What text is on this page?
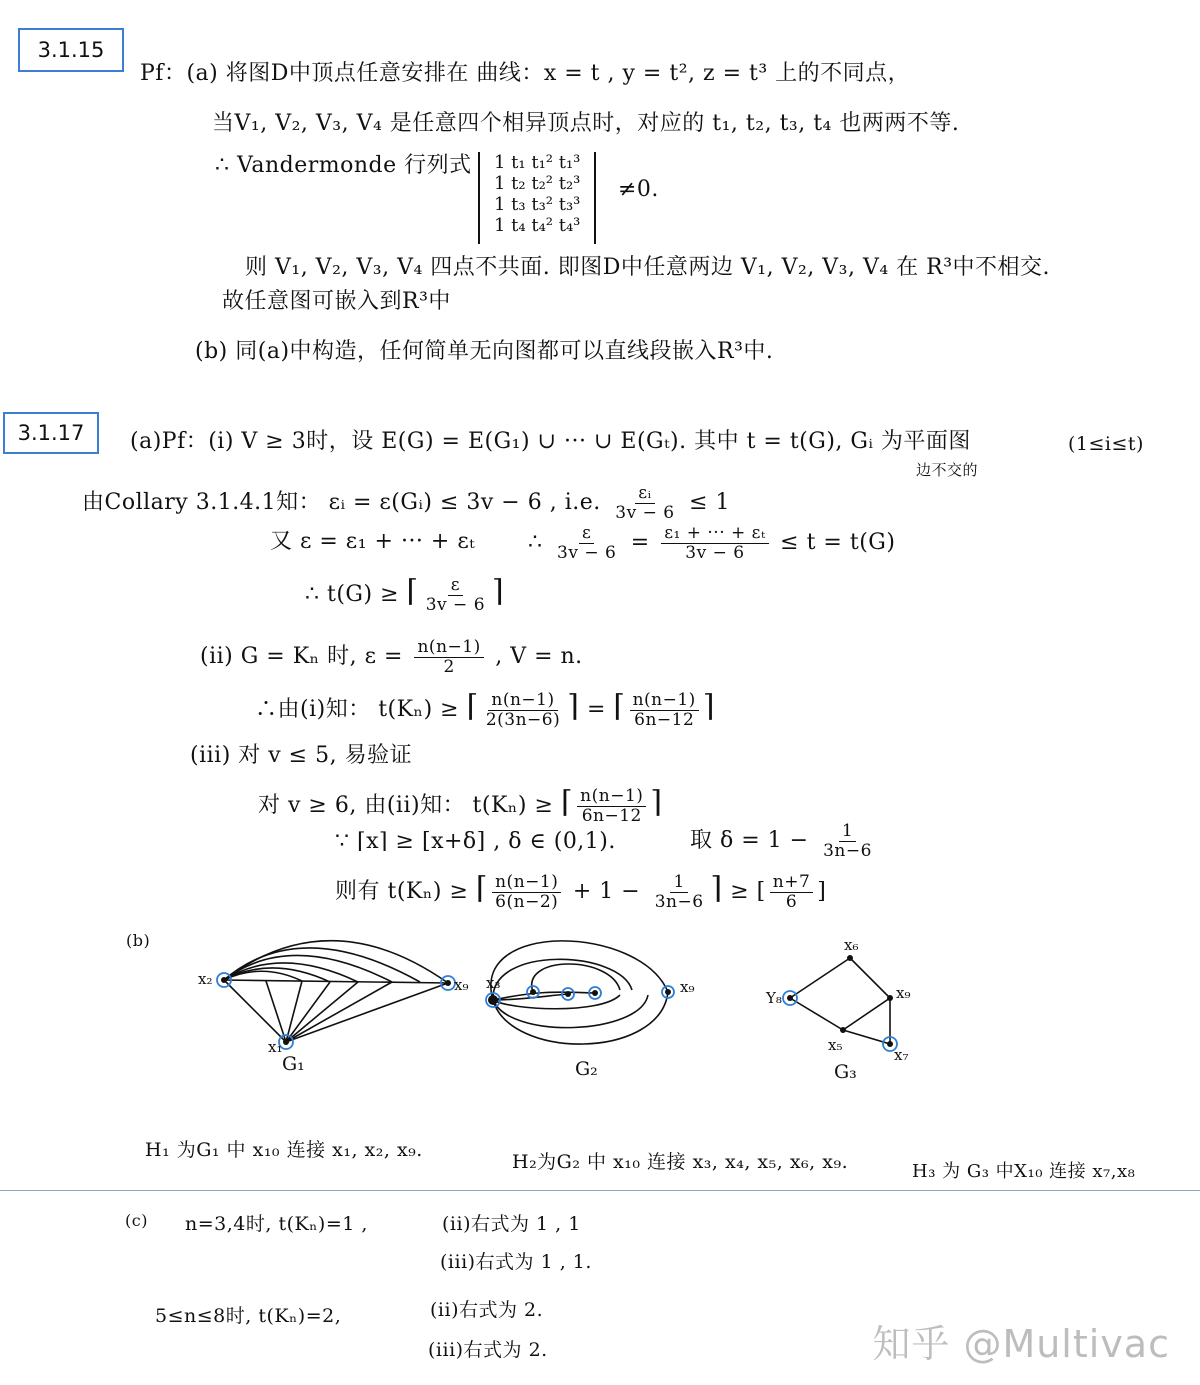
3.1.15
Pf：(a) 将图D中顶点任意安排在 曲线：x = t , y = t², z = t³ 上的不同点，
当V₁, V₂, V₃, V₄ 是任意四个相异顶点时，对应的 t₁, t₂, t₃, t₄ 也两两不等.
∴ Vandermonde 行列式 1 t₁ t₁² t₁³
1 t₂ t₂² t₂³
1 t₃ t₃² t₃³
1 t₄ t₄² t₄³
≠0.
则 V₁, V₂, V₃, V₄ 四点不共面. 即图D中任意两边 V₁, V₂, V₃, V₄ 在 R³中不相交.
故任意图可嵌入到R³中
(b) 同(a)中构造，任何简单无向图都可以直线段嵌入R³中.
3.1.17	(a)Pf：(i) V ≥ 3时，设 E(G) = E(G₁) ∪ ··· ∪ E(Gₜ). 其中 t = t(G), Gᵢ 为平面图	(1≤i≤t)
边不交的
由Collary 3.1.4.1知： εᵢ = ε(Gᵢ) ≤ 3v − 6 , i.e. $\frac{\text{εᵢ}}{3v - 6} \le 1$
又 ε = ε₁ + ··· + εₜ ∴ $\frac{\varepsilon}{3v - 6} = \frac{\text{ε₁ + ··· + εₜ}}{3v - 6} \le t = t(G)$
∴ t(G) ≥ ⌈ $\frac{\varepsilon}{3v - 6}$
⌉
(ii) G = Kₙ 时, $\varepsilon = \frac{n(n-1)}{2}$ , V = n.
∴由(i)知： t(Kₙ) ≥ ⌈ $\frac{n(n-1)}{2(3n-6)}$ ⌉ = ⌈ $\frac{n(n-1)}{6n-12}$
⌉
(iii) 对 v ≤ 5, 易验证
对 v ≥ 6, 由(ii)知： t(Kₙ) ≥ ⌈ $\frac{n(n-1)}{6n-12}$
⌉
∵ ⌈x⌉ ≥ [x+δ] , δ ∈ (0,1).	取 $\delta = 1 - \frac{1}{3n-6}$
则有 t(Kₙ) ≥ ⌈ $\frac{n(n-1)}{6(n-2)} + 1 - \frac{1}{3n-6}$ ⌉ ≥ [ $\frac{n+7}{6}$ ]
(b)
x₂	x₉
x₁
G₁
x₃	x₉
G₂
x₆
Y₈	x₉
x₅
x₇
G₃
H₁ 为G₁ 中 x₁₀ 连接 x₁, x₂, x₉.
H₂为G₂ 中 x₁₀ 连接 x₃, x₄, x₅, x₆, x₉.	H₃ 为 G₃ 中X₁₀ 连接 x₇,x₈
(c) n=3,4时, t(Kₙ)=1 ,	(ii)右式为 1 , 1
(iii)右式为 1 , 1.
5≤n≤8时, t(Kₙ)=2,	(ii)右式为 2.
(iii)右式为 2.	知乎 @Multivac
